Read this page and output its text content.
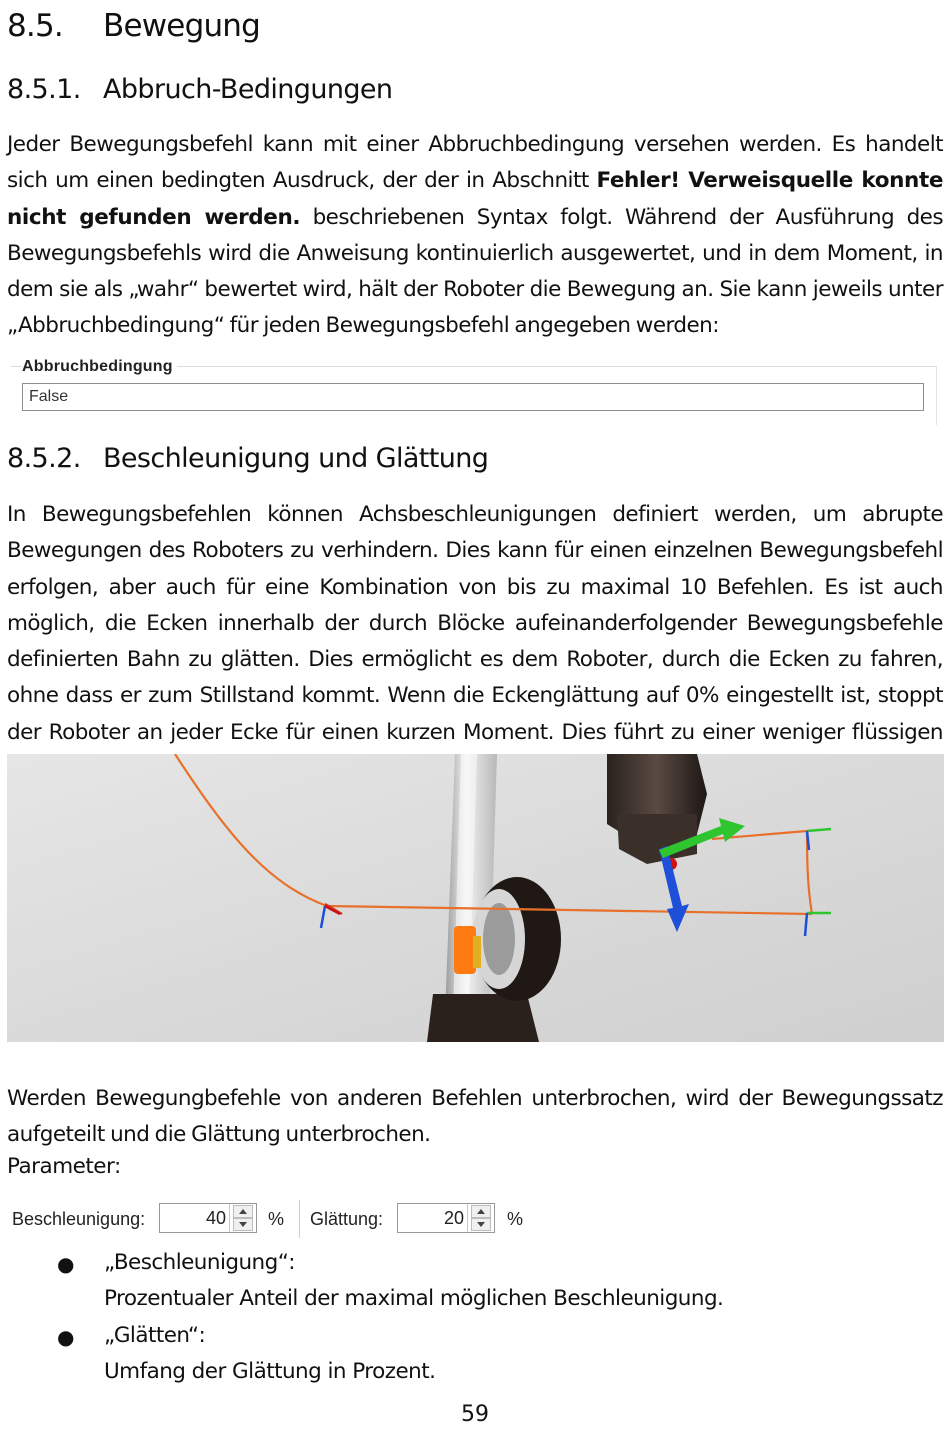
8.5. Bewegung
8.5.1. Abbruch-Bedingungen

Jeder Bewegungsbefehl kann mit einer Abbruchbedingung versehen werden. Es handelt sich um einen bedingten Ausdruck, der der in Abschnitt Fehler! Verweisquelle konnte nicht gefunden werden. beschriebenen Syntax folgt. Während der Ausführung des Bewegungsbefehls wird die Anweisung kontinuierlich ausgewertet, und in dem Moment, in dem sie als „wahr“ bewertet wird, hält der Roboter die Bewegung an. Sie kann jeweils unter „Abbruchbedingung“ für jeden Bewegungsbefehl angegeben werden:

Abbruchbedingung
False
8.5.2. Beschleunigung und Glättung

In Bewegungsbefehlen können Achsbeschleunigungen definiert werden, um abrupte Bewegungen des Roboters zu verhindern. Dies kann für einen einzelnen Bewegungsbefehl erfolgen, aber auch für eine Kombination von bis zu maximal 10 Befehlen. Es ist auch möglich, die Ecken innerhalb der durch Blöcke aufeinanderfolgender Bewegungsbefehle definierten Bahn zu glätten. Dies ermöglicht es dem Roboter, durch die Ecken zu fahren, ohne dass er zum Stillstand kommt. Wenn die Eckenglättung auf 0% eingestellt ist, stoppt der Roboter an jeder Ecke für einen kurzen Moment. Dies führt zu einer weniger flüssigen

Werden Bewegungbefehle von anderen Befehlen unterbrochen, wird der Bewegungssatz aufgeteilt und die Glättung unterbrochen.

Parameter:
Beschleunigung:	40 % Glättung:	20 %
● „Beschleunigung“:
Prozentualer Anteil der maximal möglichen Beschleunigung.
● „Glätten“:
Umfang der Glättung in Prozent.
59
